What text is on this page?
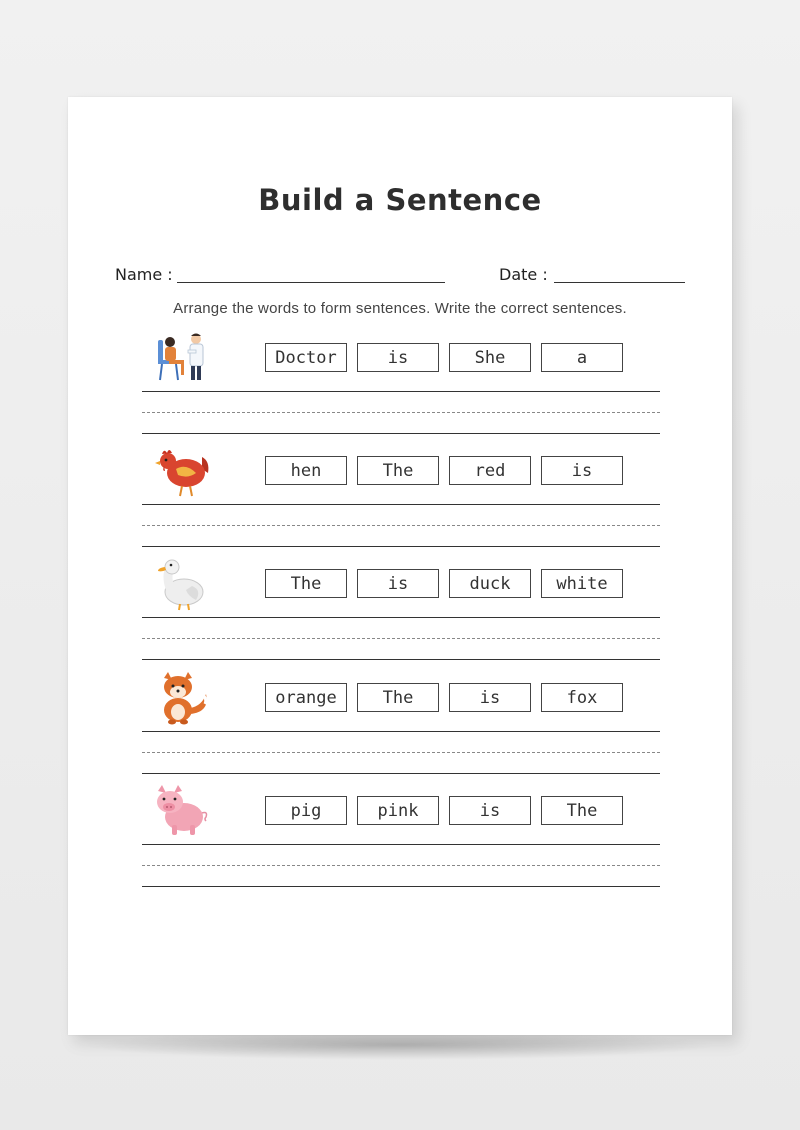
Build a Sentence
Name :	Date :
Arrange the words to form sentences. Write the correct sentences.
Doctor	is	She	a
hen	The	red	is
The	is	duck	white
orange	The	is	fox
pig	pink	is	The
